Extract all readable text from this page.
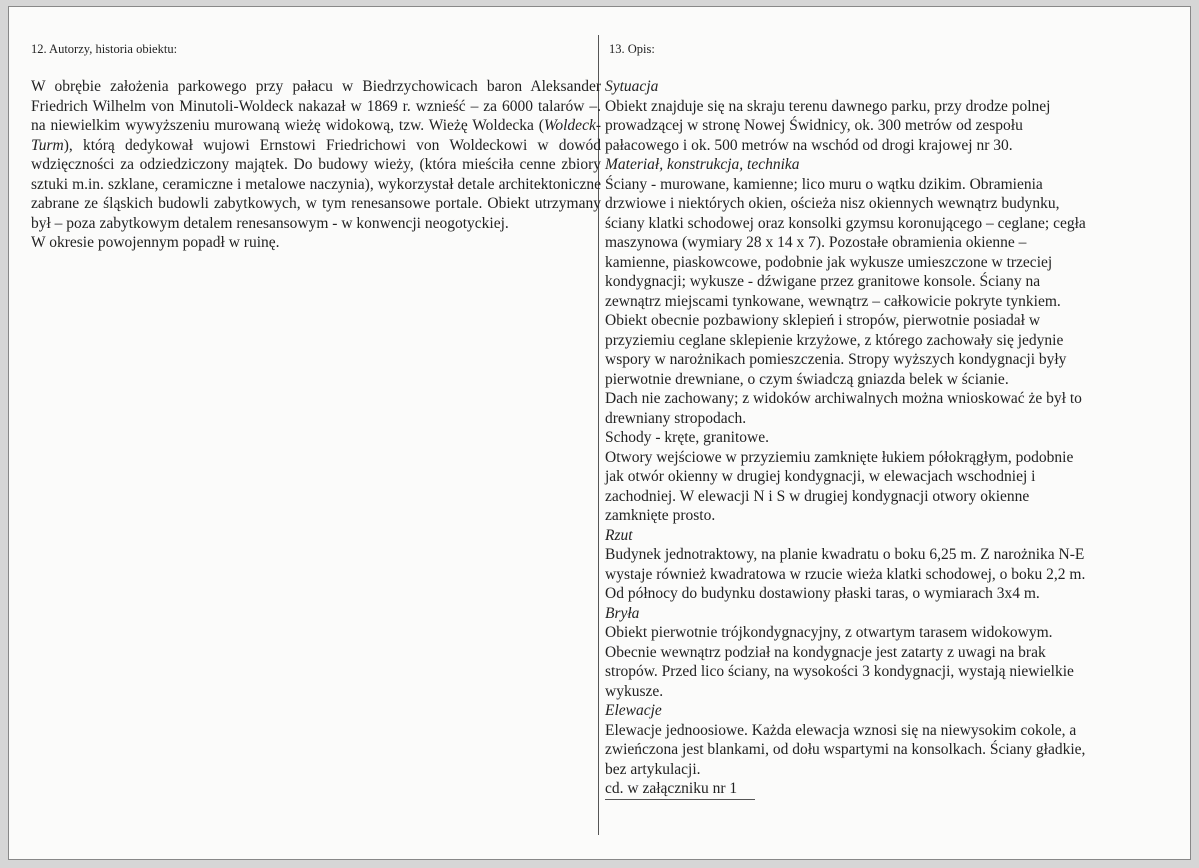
12. Autorzy, historia obiektu:

W obrębie założenia parkowego przy pałacu w Biedrzychowicach baron Aleksander Friedrich Wilhelm von Minutoli-Woldeck nakazał w 1869 r. wznieść – za 6000 talarów –. na niewielkim wywyższeniu murowaną wieżę widokową, tzw. Wieżę Woldecka (Woldeck-Turm), którą dedykował wujowi Ernstowi Friedrichowi von Woldeckowi w dowód wdzięczności za odziedziczony majątek. Do budowy wieży, (która mieściła cenne zbiory sztuki m.in. szklane, ceramiczne i metalowe naczynia), wykorzystał detale architektoniczne zabrane ze śląskich budowli zabytkowych, w tym renesansowe portale. Obiekt utrzymany był – poza zabytkowym detalem renesansowym - w konwencji neogotyckiej.

W okresie powojennym popadł w ruinę.

13. Opis:

Sytuacja

Obiekt znajduje się na skraju terenu dawnego parku, przy drodze polnej

prowadzącej w stronę Nowej Świdnicy, ok. 300 metrów od zespołu

pałacowego i ok. 500 metrów na wschód od drogi krajowej nr 30.

Materiał, konstrukcja, technika

Ściany - murowane, kamienne; lico muru o wątku dzikim. Obramienia

drzwiowe i niektórych okien, ościeża nisz okiennych wewnątrz budynku,

ściany klatki schodowej oraz konsolki gzymsu koronującego – ceglane; cegła

maszynowa (wymiary 28 x 14 x 7). Pozostałe obramienia okienne –

kamienne, piaskowcowe, podobnie jak wykusze umieszczone w trzeciej

kondygnacji; wykusze - dźwigane przez granitowe konsole. Ściany na

zewnątrz miejscami tynkowane, wewnątrz – całkowicie pokryte tynkiem.

Obiekt obecnie pozbawiony sklepień i stropów, pierwotnie posiadał w

przyziemiu ceglane sklepienie krzyżowe, z którego zachowały się jedynie

wspory w narożnikach pomieszczenia. Stropy wyższych kondygnacji były

pierwotnie drewniane, o czym świadczą gniazda belek w ścianie.

Dach nie zachowany; z widoków archiwalnych można wnioskować że był to

drewniany stropodach.

Schody - kręte, granitowe.

Otwory wejściowe w przyziemiu zamknięte łukiem półokrągłym, podobnie

jak otwór okienny w drugiej kondygnacji, w elewacjach wschodniej i

zachodniej. W elewacji N i S w drugiej kondygnacji otwory okienne

zamknięte prosto.

Rzut

Budynek jednotraktowy, na planie kwadratu o boku 6,25 m. Z narożnika N-E

wystaje również kwadratowa w rzucie wieża klatki schodowej, o boku 2,2 m.

Od północy do budynku dostawiony płaski taras, o wymiarach 3x4 m.

Bryła

Obiekt pierwotnie trójkondygnacyjny, z otwartym tarasem widokowym.

Obecnie wewnątrz podział na kondygnacje jest zatarty z uwagi na brak

stropów. Przed lico ściany, na wysokości 3 kondygnacji, wystają niewielkie

wykusze.

Elewacje

Elewacje jednoosiowe. Każda elewacja wznosi się na niewysokim cokole, a

zwieńczona jest blankami, od dołu wspartymi na konsolkach. Ściany gładkie,

bez artykulacji.

cd. w załączniku nr 1
